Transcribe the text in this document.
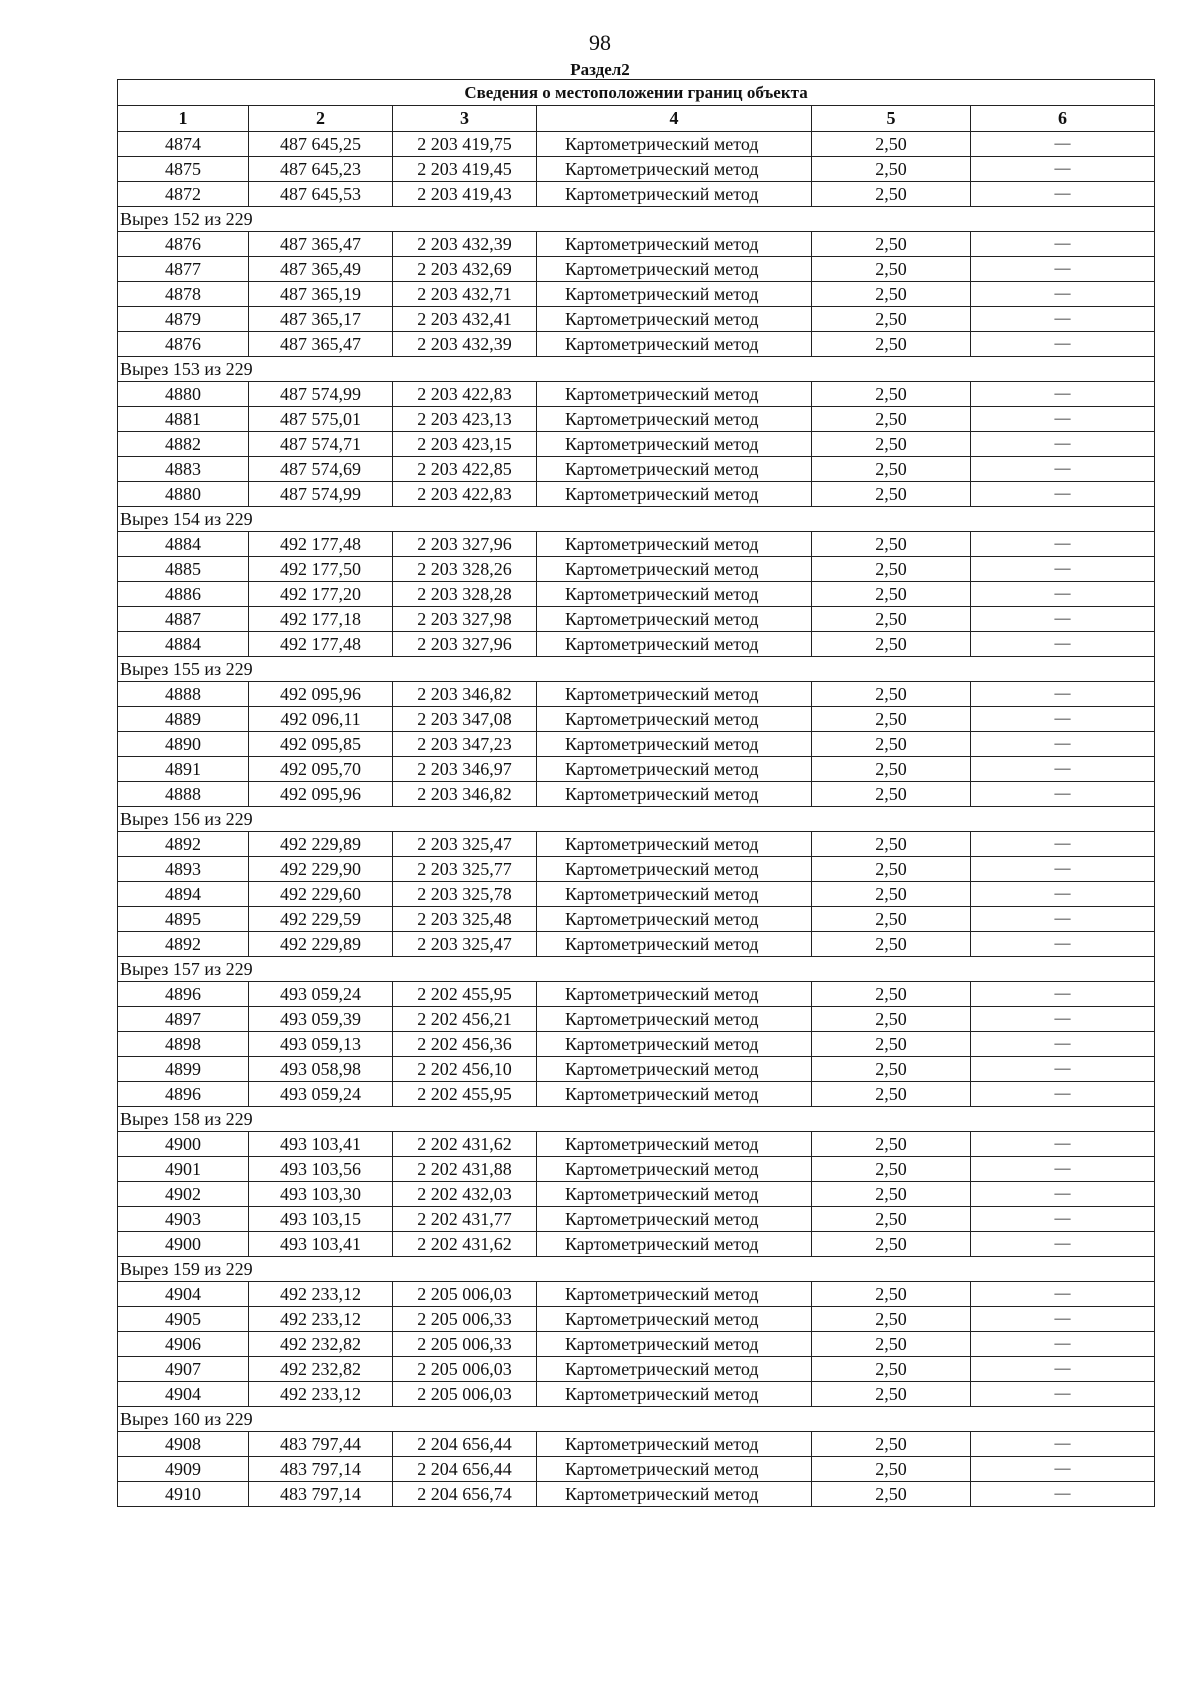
98
Раздел2
Сведения о местоположении границ объекта					
1	2	3	4	5	6
4874	487 645,25	2 203 419,75	Картометрический метод	2,50	—
4875	487 645,23	2 203 419,45	Картометрический метод	2,50	—
4872	487 645,53	2 203 419,43	Картометрический метод	2,50	—
Вырез 152 из 229					
4876	487 365,47	2 203 432,39	Картометрический метод	2,50	—
4877	487 365,49	2 203 432,69	Картометрический метод	2,50	—
4878	487 365,19	2 203 432,71	Картометрический метод	2,50	—
4879	487 365,17	2 203 432,41	Картометрический метод	2,50	—
4876	487 365,47	2 203 432,39	Картометрический метод	2,50	—
Вырез 153 из 229					
4880	487 574,99	2 203 422,83	Картометрический метод	2,50	—
4881	487 575,01	2 203 423,13	Картометрический метод	2,50	—
4882	487 574,71	2 203 423,15	Картометрический метод	2,50	—
4883	487 574,69	2 203 422,85	Картометрический метод	2,50	—
4880	487 574,99	2 203 422,83	Картометрический метод	2,50	—
Вырез 154 из 229					
4884	492 177,48	2 203 327,96	Картометрический метод	2,50	—
4885	492 177,50	2 203 328,26	Картометрический метод	2,50	—
4886	492 177,20	2 203 328,28	Картометрический метод	2,50	—
4887	492 177,18	2 203 327,98	Картометрический метод	2,50	—
4884	492 177,48	2 203 327,96	Картометрический метод	2,50	—
Вырез 155 из 229					
4888	492 095,96	2 203 346,82	Картометрический метод	2,50	—
4889	492 096,11	2 203 347,08	Картометрический метод	2,50	—
4890	492 095,85	2 203 347,23	Картометрический метод	2,50	—
4891	492 095,70	2 203 346,97	Картометрический метод	2,50	—
4888	492 095,96	2 203 346,82	Картометрический метод	2,50	—
Вырез 156 из 229					
4892	492 229,89	2 203 325,47	Картометрический метод	2,50	—
4893	492 229,90	2 203 325,77	Картометрический метод	2,50	—
4894	492 229,60	2 203 325,78	Картометрический метод	2,50	—
4895	492 229,59	2 203 325,48	Картометрический метод	2,50	—
4892	492 229,89	2 203 325,47	Картометрический метод	2,50	—
Вырез 157 из 229					
4896	493 059,24	2 202 455,95	Картометрический метод	2,50	—
4897	493 059,39	2 202 456,21	Картометрический метод	2,50	—
4898	493 059,13	2 202 456,36	Картометрический метод	2,50	—
4899	493 058,98	2 202 456,10	Картометрический метод	2,50	—
4896	493 059,24	2 202 455,95	Картометрический метод	2,50	—
Вырез 158 из 229					
4900	493 103,41	2 202 431,62	Картометрический метод	2,50	—
4901	493 103,56	2 202 431,88	Картометрический метод	2,50	—
4902	493 103,30	2 202 432,03	Картометрический метод	2,50	—
4903	493 103,15	2 202 431,77	Картометрический метод	2,50	—
4900	493 103,41	2 202 431,62	Картометрический метод	2,50	—
Вырез 159 из 229					
4904	492 233,12	2 205 006,03	Картометрический метод	2,50	—
4905	492 233,12	2 205 006,33	Картометрический метод	2,50	—
4906	492 232,82	2 205 006,33	Картометрический метод	2,50	—
4907	492 232,82	2 205 006,03	Картометрический метод	2,50	—
4904	492 233,12	2 205 006,03	Картометрический метод	2,50	—
Вырез 160 из 229					
4908	483 797,44	2 204 656,44	Картометрический метод	2,50	—
4909	483 797,14	2 204 656,44	Картометрический метод	2,50	—
4910	483 797,14	2 204 656,74	Картометрический метод	2,50	—
